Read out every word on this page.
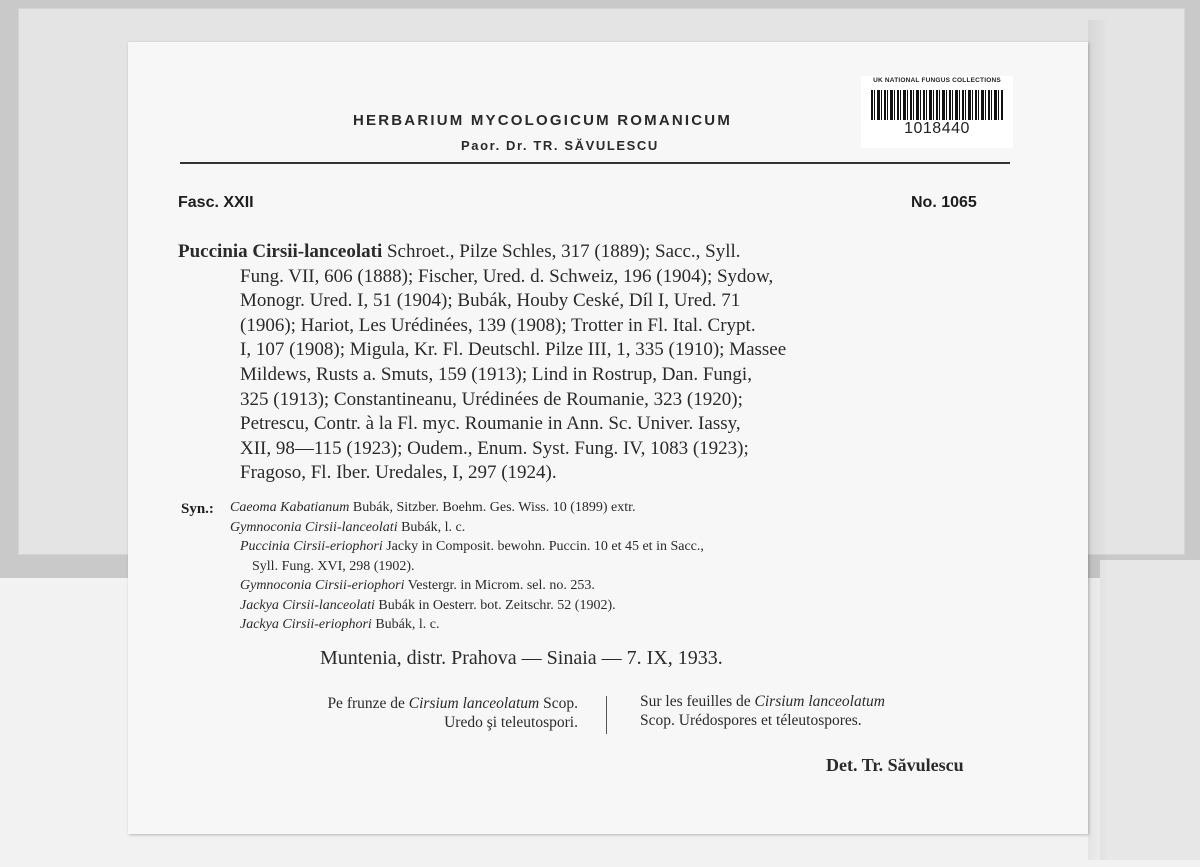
HERBARIUM MYCOLOGICUM ROMANICUM
Paor. Dr. TR. SĂVULESCU
UK NATIONAL FUNGUS COLLECTIONS
1018440
Fasc. XXII	No. 1065
Puccinia Cirsii-lanceolati Schroet., Pilze Schles, 317 (1889); Sacc., Syll.
Fung. VII, 606 (1888); Fischer, Ured. d. Schweiz, 196 (1904); Sydow,
Monogr. Ured. I, 51 (1904); Bubák, Houby Ceské, Díl I, Ured. 71
(1906); Hariot, Les Urédinées, 139 (1908); Trotter in Fl. Ital. Crypt.
I, 107 (1908); Migula, Kr. Fl. Deutschl. Pilze III, 1, 335 (1910); Massee
Mildews, Rusts a. Smuts, 159 (1913); Lind in Rostrup, Dan. Fungi,
325 (1913); Constantineanu, Urédinées de Roumanie, 323 (1920);
Petrescu, Contr. à la Fl. myc. Roumanie in Ann. Sc. Univer. Iassy,
XII, 98—115 (1923); Oudem., Enum. Syst. Fung. IV, 1083 (1923);
Fragoso, Fl. Iber. Uredales, I, 297 (1924).
Syn.: Caeoma Kabatianum Bubák, Sitzber. Boehm. Ges. Wiss. 10 (1899) extr.
Gymnoconia Cirsii-lanceolati Bubák, l. c.
Puccinia Cirsii-eriophori Jacky in Composit. bewohn. Puccin. 10 et 45 et in Sacc.,
Syll. Fung. XVI, 298 (1902).
Gymnoconia Cirsii-eriophori Vestergr. in Microm. sel. no. 253.
Jackya Cirsii-lanceolati Bubák in Oesterr. bot. Zeitschr. 52 (1902).
Jackya Cirsii-eriophori Bubák, l. c.
Muntenia, distr. Prahova — Sinaia — 7. IX, 1933.
Pe frunze de Cirsium lanceolatum Scop.
Uredo şi teleutospori.
Sur les feuilles de Cirsium lanceolatum
Scop. Urédospores et téleutospores.
Det. Tr. Săvulescu
